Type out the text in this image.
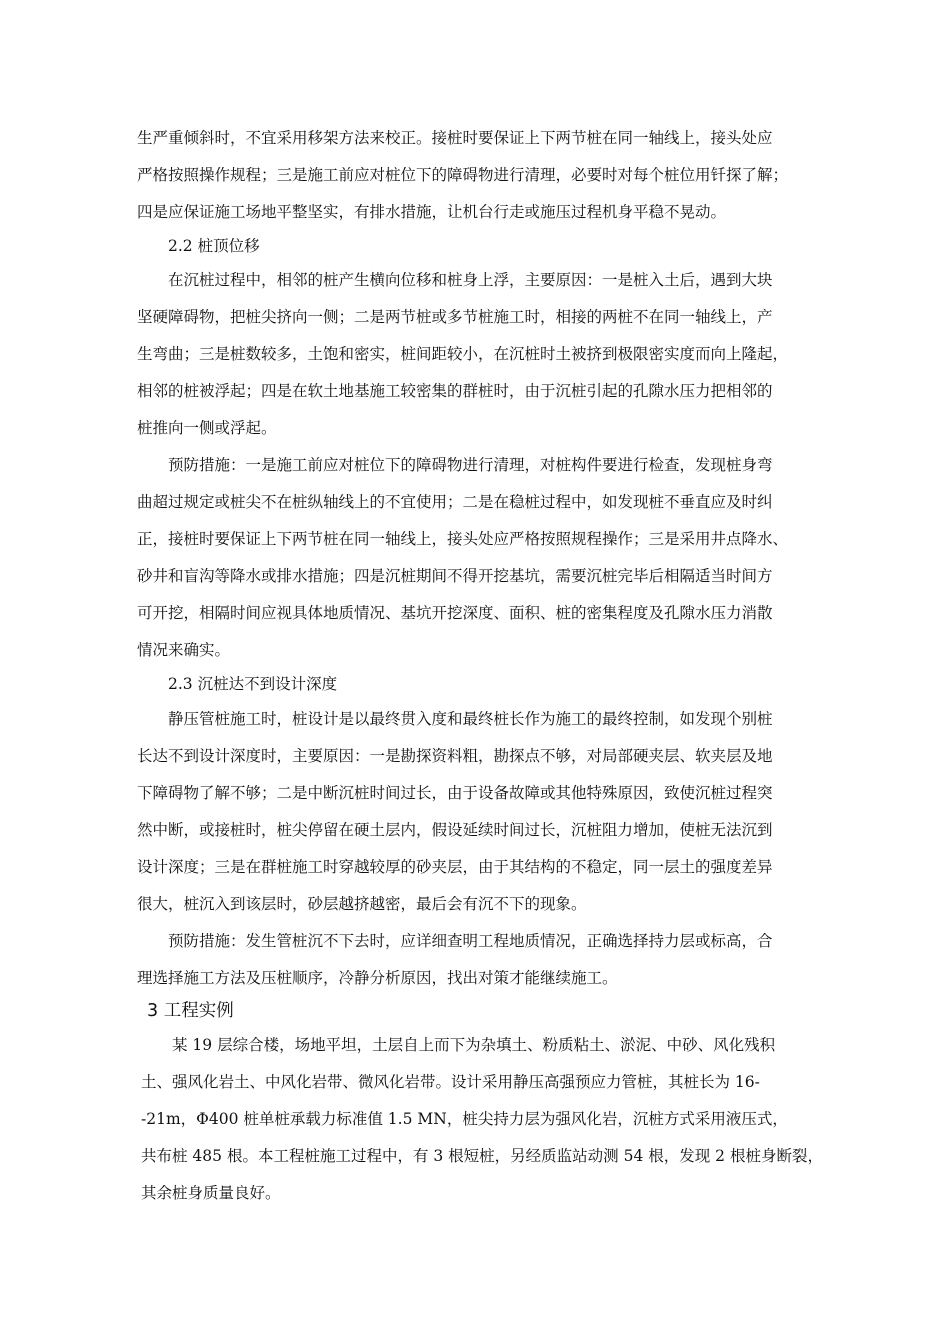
生严重倾斜时，不宜采用移架方法来校正。接桩时要保证上下两节桩在同一轴线上，接头处应
严格按照操作规程；三是施工前应对桩位下的障碍物进行清理，必要时对每个桩位用钎探了解；
四是应保证施工场地平整坚实，有排水措施，让机台行走或施压过程机身平稳不晃动。
2.2 桩顶位移
在沉桩过程中，相邻的桩产生横向位移和桩身上浮，主要原因：一是桩入土后，遇到大块
坚硬障碍物，把桩尖挤向一侧；二是两节桩或多节桩施工时，相接的两桩不在同一轴线上，产
生弯曲；三是桩数较多，土饱和密实，桩间距较小，在沉桩时土被挤到极限密实度而向上隆起，
相邻的桩被浮起；四是在软土地基施工较密集的群桩时，由于沉桩引起的孔隙水压力把相邻的
桩推向一侧或浮起。
预防措施：一是施工前应对桩位下的障碍物进行清理，对桩构件要进行检查，发现桩身弯
曲超过规定或桩尖不在桩纵轴线上的不宜使用；二是在稳桩过程中，如发现桩不垂直应及时纠
正，接桩时要保证上下两节桩在同一轴线上，接头处应严格按照规程操作；三是采用井点降水、
砂井和盲沟等降水或排水措施；四是沉桩期间不得开挖基坑，需要沉桩完毕后相隔适当时间方
可开挖，相隔时间应视具体地质情况、基坑开挖深度、面积、桩的密集程度及孔隙水压力消散
情况来确实。
2.3 沉桩达不到设计深度
静压管桩施工时，桩设计是以最终贯入度和最终桩长作为施工的最终控制，如发现个别桩
长达不到设计深度时，主要原因：一是勘探资料粗，勘探点不够，对局部硬夹层、软夹层及地
下障碍物了解不够；二是中断沉桩时间过长，由于设备故障或其他特殊原因，致使沉桩过程突
然中断，或接桩时，桩尖停留在硬土层内，假设延续时间过长，沉桩阻力增加，使桩无法沉到
设计深度；三是在群桩施工时穿越较厚的砂夹层，由于其结构的不稳定，同一层土的强度差异
很大，桩沉入到该层时，砂层越挤越密，最后会有沉不下的现象。
预防措施：发生管桩沉不下去时，应详细查明工程地质情况，正确选择持力层或标高，合
理选择施工方法及压桩顺序，冷静分析原因，找出对策才能继续施工。
3 工程实例
某 19 层综合楼，场地平坦，土层自上而下为杂填土、粉质粘土、淤泥、中砂、风化残积
土、强风化岩土、中风化岩带、微风化岩带。设计采用静压高强预应力管桩，其桩长为 16-
-21m，Φ400 桩单桩承载力标准值 1.5 MN，桩尖持力层为强风化岩，沉桩方式采用液压式，
共布桩 485 根。本工程桩施工过程中，有 3 根短桩，另经质监站动测 54 根，发现 2 根桩身断裂，
其余桩身质量良好。
